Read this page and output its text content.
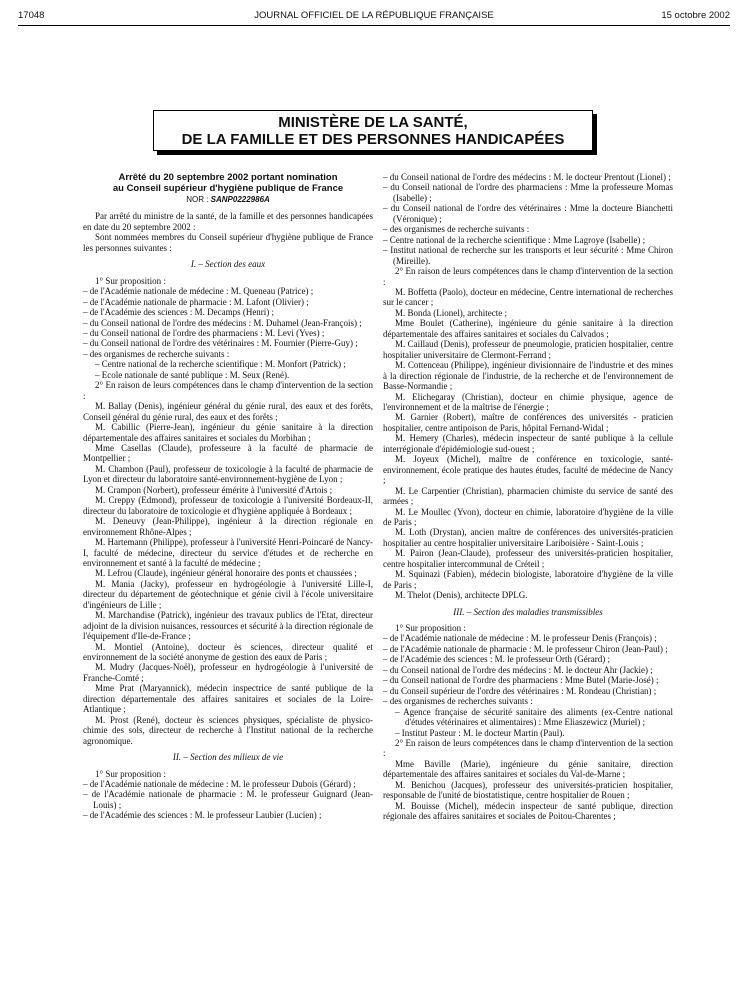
17048	JOURNAL OFFICIEL DE LA RÉPUBLIQUE FRANÇAISE	15 octobre 2002
MINISTÈRE DE LA SANTÉ,
DE LA FAMILLE ET DES PERSONNES HANDICAPÉES
Arrêté du 20 septembre 2002 portant nomination
au Conseil supérieur d'hygiène publique de France
NOR : SANP0222986A

Par arrêté du ministre de la santé, de la famille et des personnes handicapées en date du 20 septembre 2002 :

Sont nommées membres du Conseil supérieur d'hygiène publique de France les personnes suivantes :

I. – Section des eaux

1° Sur proposition :

– de l'Académie nationale de médecine : M. Queneau (Patrice) ;

– de l'Académie nationale de pharmacie : M. Lafont (Olivier) ;

– de l'Académie des sciences : M. Decamps (Henri) ;

– du Conseil national de l'ordre des médecins : M. Duhamel (Jean-François) ;

– du Conseil national de l'ordre des pharmaciens : M. Levi (Yves) ;

– du Conseil national de l'ordre des vétérinaires : M. Fournier (Pierre-Guy) ;

– des organismes de recherche suivants :

– Centre national de la recherche scientifique : M. Monfort (Patrick) ;

– Ecole nationale de santé publique : M. Seux (René).

2° En raison de leurs compétences dans le champ d'intervention de la section :

M. Ballay (Denis), ingénieur général du génie rural, des eaux et des forêts, Conseil général du génie rural, des eaux et des forêts ;

M. Cabillic (Pierre-Jean), ingénieur du génie sanitaire à la direction départementale des affaires sanitaires et sociales du Morbihan ;

Mme Casellas (Claude), professeure à la faculté de pharmacie de Montpellier ;

M. Chambon (Paul), professeur de toxicologie à la faculté de pharmacie de Lyon et directeur du laboratoire santé-environnement-hygiène de Lyon ;

M. Crampon (Norbert), professeur émérite à l'université d'Artois ;

M. Creppy (Edmond), professeur de toxicologie à l'université Bordeaux-II, directeur du laboratoire de toxicologie et d'hygiène appliquée à Bordeaux ;

M. Deneuvy (Jean-Philippe), ingénieur à la direction régionale en environnement Rhône-Alpes ;

M. Hartemann (Philippe), professeur à l'université Henri-Poincaré de Nancy-I, faculté de médecine, directeur du service d'études et de recherche en environnement et santé à la faculté de médecine ;

M. Lefrou (Claude), ingénieur général honoraire des ponts et chaussées ;

M. Mania (Jacky), professeur en hydrogéologie à l'université Lille-I, directeur du département de géotechnique et génie civil à l'école universitaire d'ingénieurs de Lille ;

M. Marchandise (Patrick), ingénieur des travaux publics de l'Etat, directeur adjoint de la division nuisances, ressources et sécurité à la direction régionale de l'équipement d'Ile-de-France ;

M. Montiel (Antoine), docteur ès sciences, directeur qualité et environnement de la société anonyme de gestion des eaux de Paris ;

M. Mudry (Jacques-Noël), professeur en hydrogéologie à l'université de Franche-Comté ;

Mme Prat (Maryannick), médecin inspectrice de santé publique de la direction départementale des affaires sanitaires et sociales de la Loire-Atlantique ;

M. Prost (René), docteur ès sciences physiques, spécialiste de physico-chimie des sols, directeur de recherche à l'Institut national de la recherche agronomique.

II. – Section des milieux de vie

1° Sur proposition :

– de l'Académie nationale de médecine : M. le professeur Dubois (Gérard) ;

– de l'Académie nationale de pharmacie : M. le professeur Guignard (Jean-Louis) ;

– de l'Académie des sciences : M. le professeur Laubier (Lucien) ;

– du Conseil national de l'ordre des médecins : M. le docteur Prentout (Lionel) ;

– du Conseil national de l'ordre des pharmaciens : Mme la professeure Momas (Isabelle) ;

– du Conseil national de l'ordre des vétérinaires : Mme la docteure Bianchetti (Véronique) ;

– des organismes de recherche suivants :

– Centre national de la recherche scientifique : Mme Lagroye (Isabelle) ;

– Institut national de recherche sur les transports et leur sécurité : Mme Chiron (Mireille).

2° En raison de leurs compétences dans le champ d'intervention de la section :

M. Boffetta (Paolo), docteur en médecine, Centre international de recherches sur le cancer ;

M. Bonda (Lionel), architecte ;

Mme Boulet (Catherine), ingénieure du génie sanitaire à la direction départementale des affaires sanitaires et sociales du Calvados ;

M. Caillaud (Denis), professeur de pneumologie, praticien hospitalier, centre hospitalier universitaire de Clermont-Ferrand ;

M. Cottenceau (Philippe), ingénieur divisionnaire de l'industrie et des mines à la direction régionale de l'industrie, de la recherche et de l'environnement de Basse-Normandie ;

M. Elichegaray (Christian), docteur en chimie physique, agence de l'environnement et de la maîtrise de l'énergie ;

M. Garnier (Robert), maître de conférences des universités - praticien hospitalier, centre antipoison de Paris, hôpital Fernand-Widal ;

M. Hemery (Charles), médecin inspecteur de santé publique à la cellule interrégionale d'épidémiologie sud-ouest ;

M. Joyeux (Michel), maître de conférence en toxicologie, santé-environnement, école pratique des hautes études, faculté de médecine de Nancy ;

M. Le Carpentier (Christian), pharmacien chimiste du service de santé des armées ;

M. Le Moullec (Yvon), docteur en chimie, laboratoire d'hygiène de la ville de Paris ;

M. Loth (Drystan), ancien maître de conférences des universités-praticien hospitalier au centre hospitalier universitaire Lariboisière - Saint-Louis ;

M. Pairon (Jean-Claude), professeur des universités-praticien hospitalier, centre hospitalier intercommunal de Créteil ;

M. Squinazi (Fabien), médecin biologiste, laboratoire d'hygiène de la ville de Paris ;

M. Thelot (Denis), architecte DPLG.

III. – Section des maladies transmissibles

1° Sur proposition :

– de l'Académie nationale de médecine : M. le professeur Denis (François) ;

– de l'Académie nationale de pharmacie : M. le professeur Chiron (Jean-Paul) ;

– de l'Académie des sciences : M. le professeur Orth (Gérard) ;

– du Conseil national de l'ordre des médecins : M. le docteur Ahr (Jackie) ;

– du Conseil national de l'ordre des pharmaciens : Mme Butel (Marie-José) ;

– du Conseil supérieur de l'ordre des vétérinaires : M. Rondeau (Christian) ;

– des organismes de recherches suivants :

– Agence française de sécurité sanitaire des aliments (ex-Centre national d'études vétérinaires et alimentaires) : Mme Eliaszewicz (Muriel) ;

– Institut Pasteur : M. le docteur Martin (Paul).

2° En raison de leurs compétences dans le champ d'intervention de la section :

Mme Baville (Marie), ingénieure du génie sanitaire, direction départementale des affaires sanitaires et sociales du Val-de-Marne ;

M. Benichou (Jacques), professeur des universités-praticien hospitalier, responsable de l'unité de biostatistique, centre hospitalier de Rouen ;

M. Bouisse (Michel), médecin inspecteur de santé publique, direction régionale des affaires sanitaires et sociales de Poitou-Charentes ;
